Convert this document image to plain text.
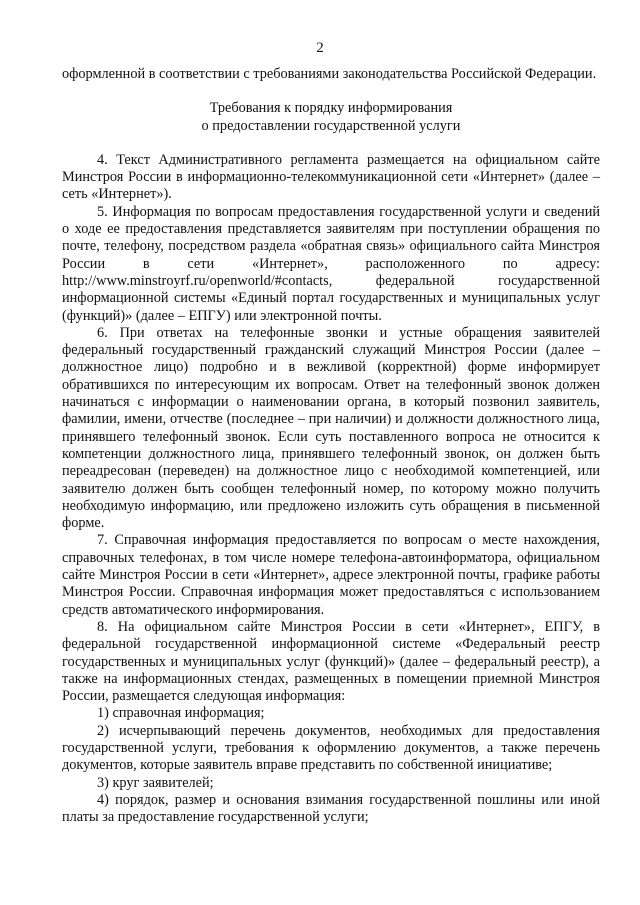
2

оформленной в соответствии с требованиями законодательства Российской Федерации.

Требования к порядку информирования
о предоставлении государственной услуги

4. Текст Административного регламента размещается на официальном сайте Минстроя России в информационно-телекоммуникационной сети «Интернет» (далее – сеть «Интернет»).

5. Информация по вопросам предоставления государственной услуги и сведений о ходе ее предоставления представляется заявителям при поступлении обращения по почте, телефону, посредством раздела «обратная связь» официального сайта Минстроя России в сети «Интернет», расположенного по адресу: http://www.minstroyrf.ru/openworld/#contacts, федеральной государственной информационной системы «Единый портал государственных и муниципальных услуг (функций)» (далее – ЕПГУ) или электронной почты.

6. При ответах на телефонные звонки и устные обращения заявителей федеральный государственный гражданский служащий Минстроя России (далее – должностное лицо) подробно и в вежливой (корректной) форме информирует обратившихся по интересующим их вопросам. Ответ на телефонный звонок должен начинаться с информации о наименовании органа, в который позвонил заявитель, фамилии, имени, отчестве (последнее – при наличии) и должности должностного лица, принявшего телефонный звонок. Если суть поставленного вопроса не относится к компетенции должностного лица, принявшего телефонный звонок, он должен быть переадресован (переведен) на должностное лицо с необходимой компетенцией, или заявителю должен быть сообщен телефонный номер, по которому можно получить необходимую информацию, или предложено изложить суть обращения в письменной форме.

7. Справочная информация предоставляется по вопросам о месте нахождения, справочных телефонах, в том числе номере телефона-автоинформатора, официальном сайте Минстроя России в сети «Интернет», адресе электронной почты, графике работы Минстроя России. Справочная информация может предоставляться с использованием средств автоматического информирования.

8. На официальном сайте Минстроя России в сети «Интернет», ЕПГУ, в федеральной государственной информационной системе «Федеральный реестр государственных и муниципальных услуг (функций)» (далее – федеральный реестр), а также на информационных стендах, размещенных в помещении приемной Минстроя России, размещается следующая информация:

1) справочная информация;

2) исчерпывающий перечень документов, необходимых для предоставления государственной услуги, требования к оформлению документов, а также перечень документов, которые заявитель вправе представить по собственной инициативе;

3) круг заявителей;

4) порядок, размер и основания взимания государственной пошлины или иной платы за предоставление государственной услуги;
